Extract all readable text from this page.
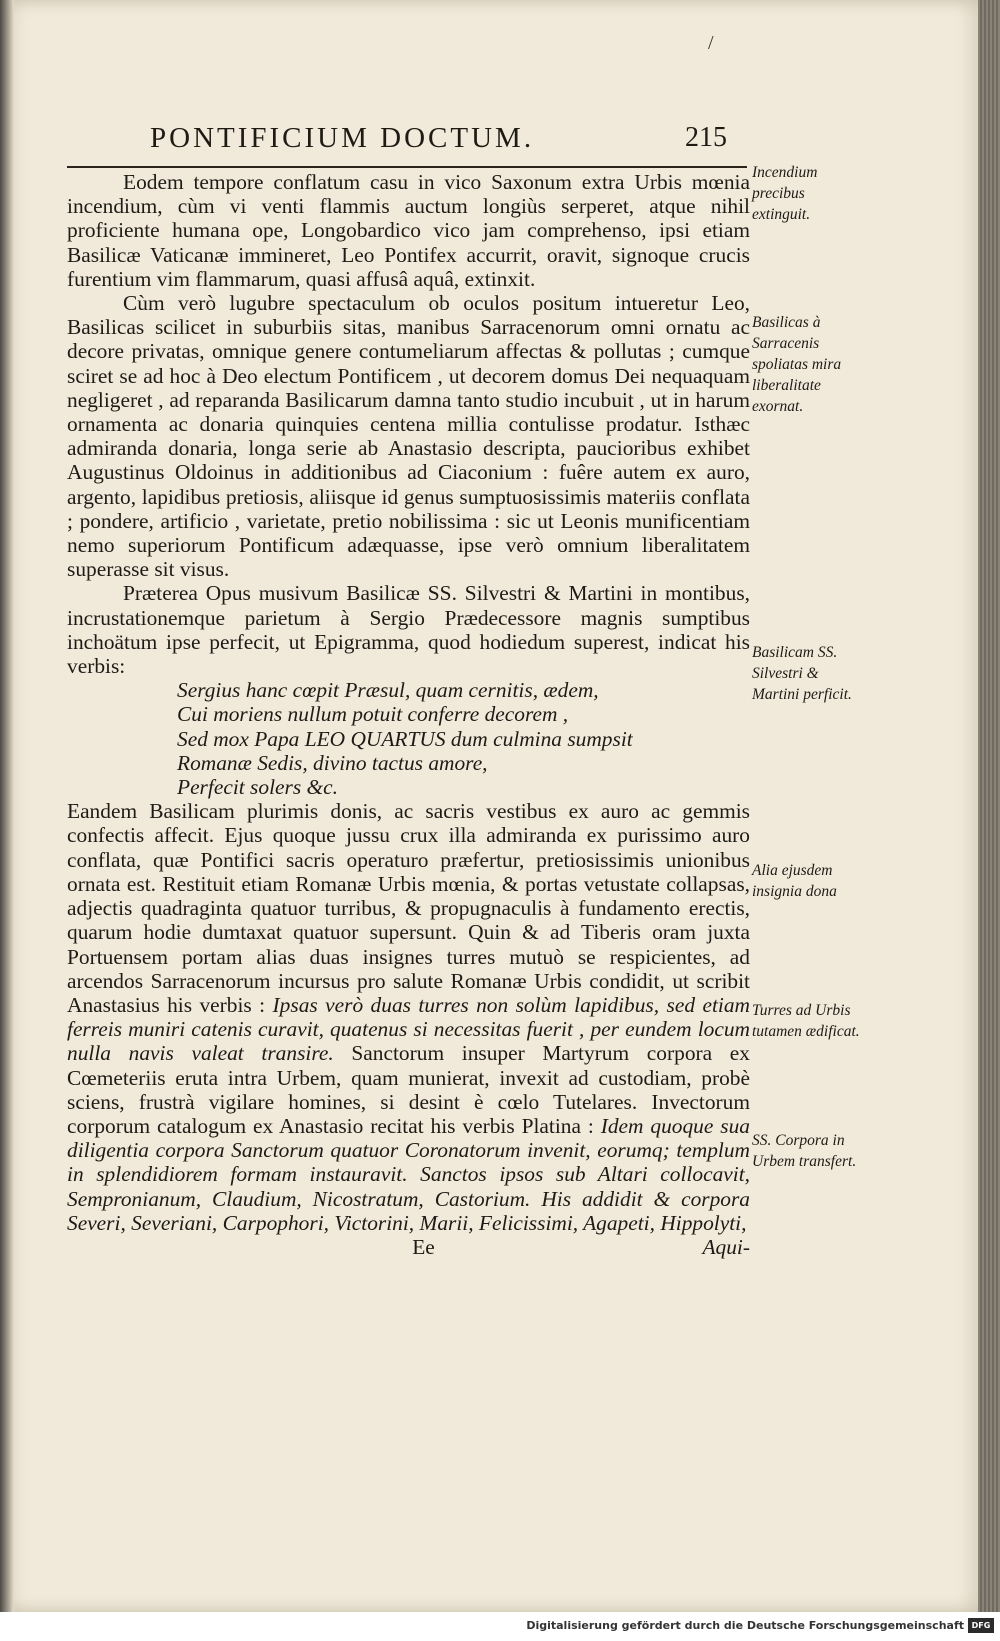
/
PONTIFICIUM DOCTUM.	215

Eodem tempore conflatum casu in vico Saxonum extra Urbis mœnia incendium, cùm vi venti flammis auctum longiùs serperet, atque nihil proficiente humana ope, Longobardico vico jam comprehenso, ipsi etiam Basilicæ Vaticanæ immineret, Leo Pontifex accurrit, oravit, signoque crucis furentium vim flammarum, quasi affusâ aquâ, extinxit.

Cùm verò lugubre spectaculum ob oculos positum intueretur Leo, Basilicas scilicet in suburbiis sitas, manibus Sarracenorum omni ornatu ac decore privatas, omnique genere contumeliarum affectas & pollutas ; cumque sciret se ad hoc à Deo electum Pontificem , ut decorem domus Dei nequaquam negligeret , ad reparanda Basilicarum damna tanto studio incubuit , ut in harum ornamenta ac donaria quinquies centena millia contulisse prodatur. Isthæc admiranda donaria, longa serie ab Anastasio descripta, paucioribus exhibet Augustinus Oldoinus in additionibus ad Ciaconium : fuêre autem ex auro, argento, lapidibus pretiosis, aliisque id genus sumptuosissimis materiis conflata ; pondere, artificio , varietate, pretio nobilissima : sic ut Leonis munificentiam nemo superiorum Pontificum adæquasse, ipse verò omnium liberalitatem superasse sit visus.

Præterea Opus musivum Basilicæ SS. Silvestri & Martini in montibus, incrustationemque parietum à Sergio Prædecessore magnis sumptibus inchoätum ipse perfecit, ut Epigramma, quod hodiedum superest, indicat his verbis:

Sergius hanc cœpit Præsul, quam cernitis, ædem,
Cui moriens nullum potuit conferre decorem ,
Sed mox Papa LEO QUARTUS dum culmina sumpsit
Romanæ Sedis, divino tactus amore,
Perfecit solers &c.

Eandem Basilicam plurimis donis, ac sacris vestibus ex auro ac gemmis confectis affecit. Ejus quoque jussu crux illa admiranda ex purissimo auro conflata, quæ Pontifici sacris operaturo præfertur, pretiosissimis unionibus ornata est. Restituit etiam Romanæ Urbis mœnia, & portas vetustate collapsas, adjectis quadraginta quatuor turribus, & propugnaculis à fundamento erectis, quarum hodie dumtaxat quatuor supersunt. Quin & ad Tiberis oram juxta Portuensem portam alias duas insignes turres mutuò se respicientes, ad arcendos Sarracenorum incursus pro salute Romanæ Urbis condidit, ut scribit Anastasius his verbis : Ipsas verò duas turres non solùm lapidibus, sed etiam ferreis muniri catenis curavit, quatenus si necessitas fuerit , per eundem locum nulla navis valeat transire. Sanctorum insuper Martyrum corpora ex Cœmeteriis eruta intra Urbem, quam munierat, invexit ad custodiam, probè sciens, frustrà vigilare homines, si desint è cœlo Tutelares. Invectorum corporum catalogum ex Anastasio recitat his verbis Platina : Idem quoque sua diligentia corpora Sanctorum quatuor Coronatorum invenit, eorumq; templum in splendidiorem formam instauravit. Sanctos ipsos sub Altari collocavit, Sempronianum, Claudium, Nicostratum, Castorium. His addidit & corpora Severi, Severiani, Carpophori, Victorini, Marii, Felicissimi, Agapeti, Hippolyti,

Ee	Aqui-
Incendium precibus extinguit.
Basilicas à Sarracenis spoliatas mira liberalitate exornat.
Basilicam SS. Silvestri & Martini perficit.
Alia ejusdem insignia dona
Turres ad Urbis tutamen ædificat.
SS. Corpora in Urbem transfert.
Digitalisierung gefördert durch die Deutsche Forschungsgemeinschaft DFG
